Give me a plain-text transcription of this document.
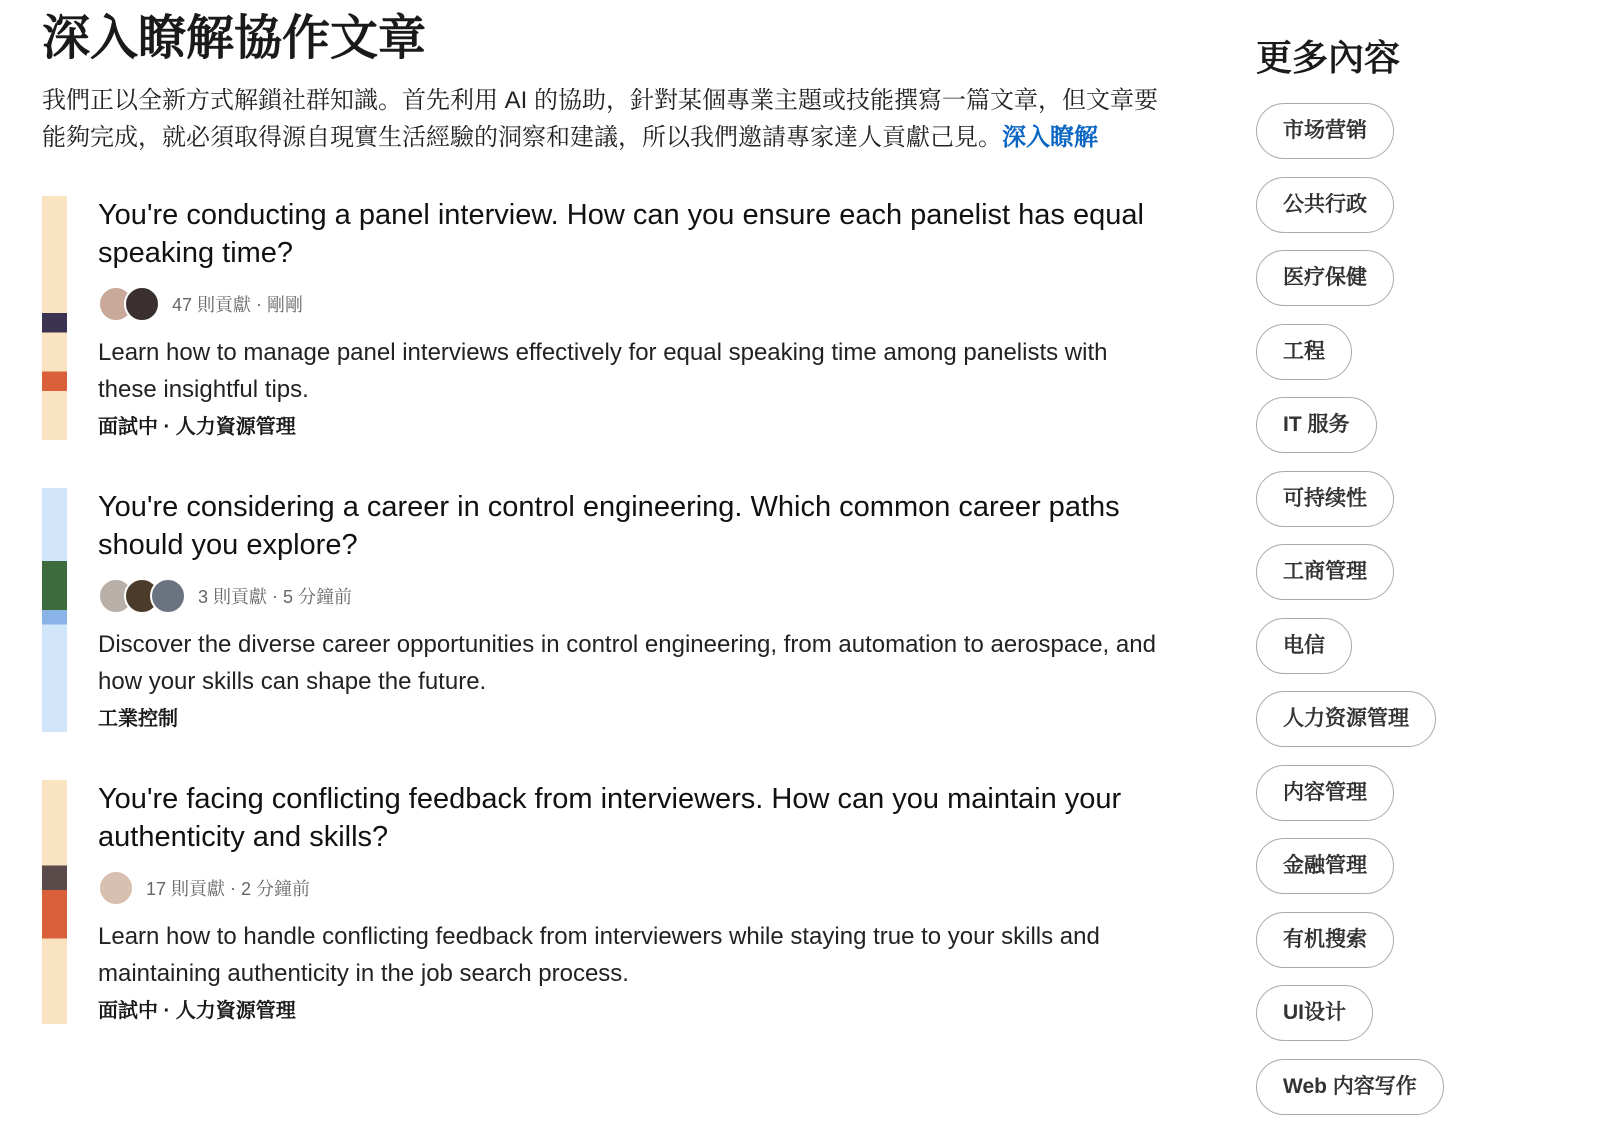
深入瞭解協作文章

我們正以全新方式解鎖社群知識。首先利用 AI 的協助，針對某個專業主題或技能撰寫一篇文章，但文章要能夠完成，就必須取得源自現實生活經驗的洞察和建議，所以我們邀請專家達人貢獻己見。深入瞭解

You're conducting a panel interview. How can you ensure each panelist has equal speaking time?
47 則貢獻 · 剛剛

Learn how to manage panel interviews effectively for equal speaking time among panelists with these insightful tips.

面試中 · 人力資源管理
You're considering a career in control engineering. Which common career paths should you explore?
3 則貢獻 · 5 分鐘前

Discover the diverse career opportunities in control engineering, from automation to aerospace, and how your skills can shape the future.

工業控制
You're facing conflicting feedback from interviewers. How can you maintain your authenticity and skills?
17 則貢獻 · 2 分鐘前

Learn how to handle conflicting feedback from interviewers while staying true to your skills and maintaining authenticity in the job search process.

面試中 · 人力資源管理
更多內容
市场营销
公共行政
医疗保健
工程
IT 服务
可持续性
工商管理
电信
人力资源管理
内容管理
金融管理
有机搜索
UI设计
Web 内容写作
